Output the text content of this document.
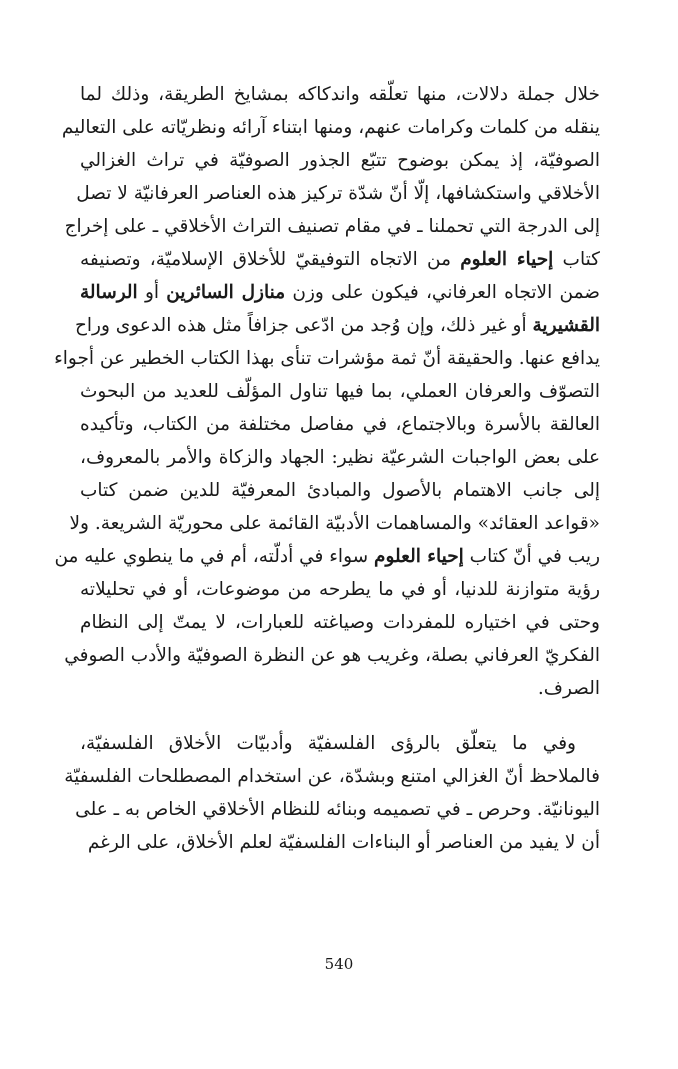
خلال جملة دلالات، منها تعلّقه واندكاكه بمشايخ الطريقة، وذلك لما
ينقله من كلمات وكرامات عنهم، ومنها ابتناء آرائه ونظريّاته على التعاليم
الصوفيّة، إذ يمكن بوضوح تتبّع الجذور الصوفيّة في تراث الغزالي
الأخلاقي واستكشافها، إلّا أنّ شدّة تركيز هذه العناصر العرفانيّة لا تصل
إلى الدرجة التي تحملنا ـ في مقام تصنيف التراث الأخلاقي ـ على إخراج
كتاب إحياء العلوم من الاتجاه التوفيقيّ للأخلاق الإسلاميّة، وتصنيفه
ضمن الاتجاه العرفاني، فيكون على وزن منازل السائرين أو الرسالة
القشيرية أو غير ذلك، وإن وُجد من ادّعى جزافاً مثل هذه الدعوى وراح
يدافع عنها. والحقيقة أنّ ثمة مؤشرات تنأى بهذا الكتاب الخطير عن أجواء
التصوّف والعرفان العملي، بما فيها تناول المؤلّف للعديد من البحوث
العالقة بالأسرة وبالاجتماع، في مفاصل مختلفة من الكتاب، وتأكيده
على بعض الواجبات الشرعيّة نظير: الجهاد والزكاة والأمر بالمعروف،
إلى جانب الاهتمام بالأصول والمبادئ المعرفيّة للدين ضمن كتاب
«قواعد العقائد» والمساهمات الأدبيّة القائمة على محوريّة الشريعة. ولا
ريب في أنّ كتاب إحياء العلوم سواء في أدلّته، أم في ما ينطوي عليه من
رؤية متوازنة للدنيا، أو في ما يطرحه من موضوعات، أو في تحليلاته
وحتى في اختياره للمفردات وصياغته للعبارات، لا يمتّ إلى النظام
الفكريّ العرفاني بصلة، وغريب هو عن النظرة الصوفيّة والأدب الصوفي
الصرف.

وفي ما يتعلّق بالرؤى الفلسفيّة وأدبيّات الأخلاق الفلسفيّة،
فالملاحظ أنّ الغزالي امتنع وبشدّة، عن استخدام المصطلحات الفلسفيّة
اليونانيّة. وحرص ـ في تصميمه وبنائه للنظام الأخلاقي الخاص به ـ على
أن لا يفيد من العناصر أو البناءات الفلسفيّة لعلم الأخلاق، على الرغم

540
